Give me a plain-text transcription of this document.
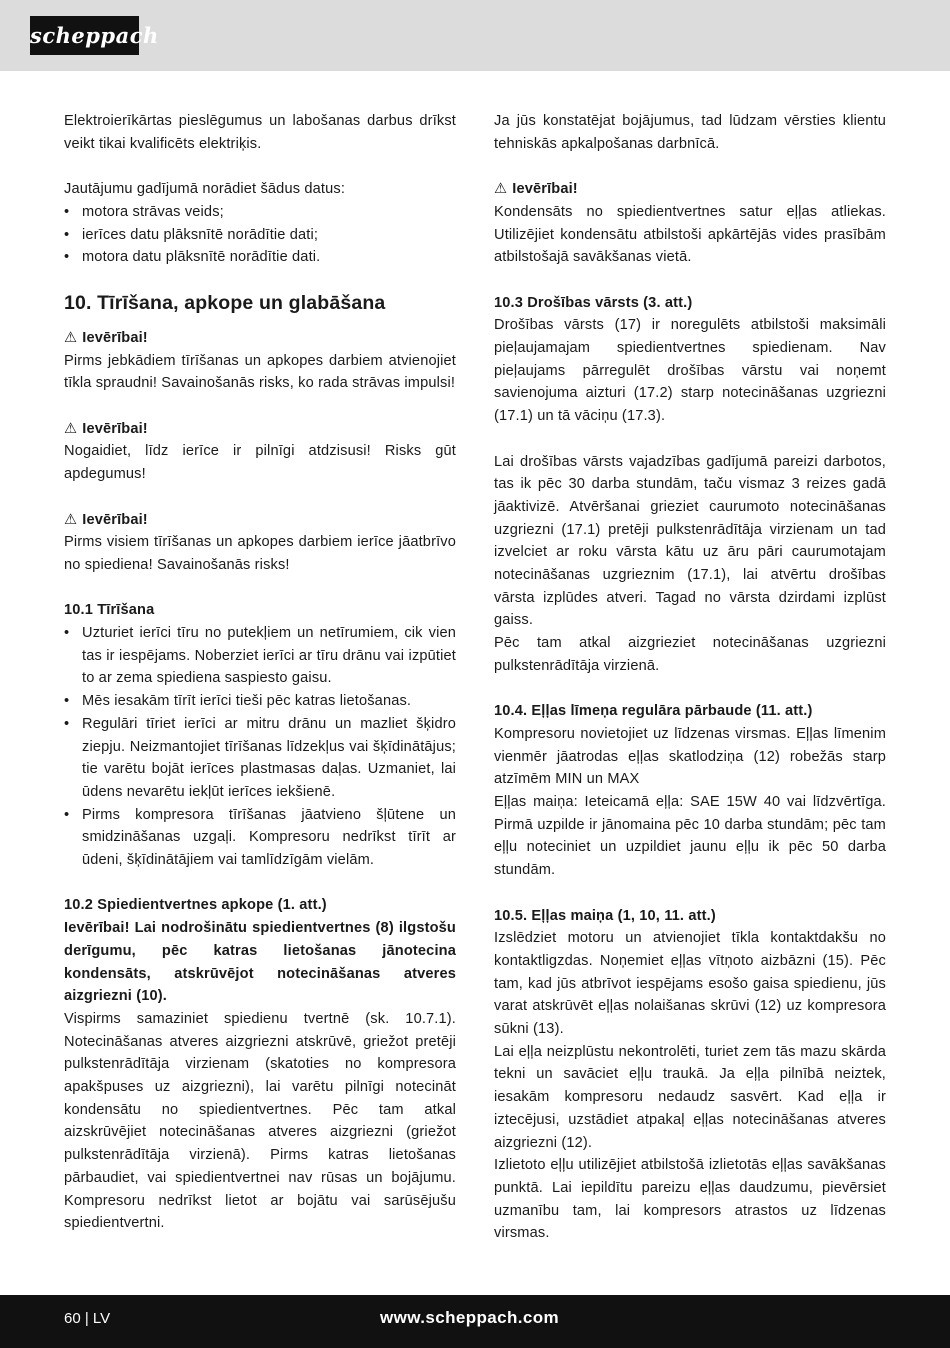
scheppach

Elektroierīkārtas pieslēgumus un labošanas darbus drīkst veikt tikai kvalificēts elektriķis.

Jautājumu gadījumā norādiet šādus datus:

• motora strāvas veids;
• ierīces datu plāksnītē norādītie dati;
• motora datu plāksnītē norādītie dati.
10. Tīrīšana, apkope un glabāšana

⚠ Ievērībai!

Pirms jebkādiem tīrīšanas un apkopes darbiem atvienojiet tīkla spraudni! Savainošanās risks, ko rada strāvas impulsi!

⚠ Ievērībai!

Nogaidiet, līdz ierīce ir pilnīgi atdzisusi! Risks gūt apdegumus!

⚠ Ievērībai!

Pirms visiem tīrīšanas un apkopes darbiem ierīce jāatbrīvo no spiediena! Savainošanās risks!

10.1 Tīrīšana

• Uzturiet ierīci tīru no putekļiem un netīrumiem, cik vien tas ir iespējams. Noberziet ierīci ar tīru drānu vai izpūtiet to ar zema spiediena saspiesto gaisu.
• Mēs iesakām tīrīt ierīci tieši pēc katras lietošanas.
• Regulāri tīriet ierīci ar mitru drānu un mazliet šķidro ziepju. Neizmantojiet tīrīšanas līdzekļus vai šķīdinātājus; tie varētu bojāt ierīces plastmasas daļas. Uzmaniet, lai ūdens nevarētu iekļūt ierīces iekšienē.
• Pirms kompresora tīrīšanas jāatvieno šļūtene un smidzināšanas uzgaļi. Kompresoru nedrīkst tīrīt ar ūdeni, šķīdinātājiem vai tamlīdzīgām vielām.

10.2 Spiedientvertnes apkope (1. att.)

Ievērībai! Lai nodrošinātu spiedientvertnes (8) ilgstošu derīgumu, pēc katras lietošanas jānotecina kondensāts, atskrūvējot notecināšanas atveres aizgriezni (10).

Vispirms samaziniet spiedienu tvertnē (sk. 10.7.1). Notecināšanas atveres aizgriezni atskrūvē, griežot pretēji pulkstenrādītāja virzienam (skatoties no kompresora apakšpuses uz aizgriezni), lai varētu pilnīgi notecināt kondensātu no spiedientvertnes. Pēc tam atkal aizskrūvējiet notecināšanas atveres aizgriezni (griežot pulkstenrādītāja virzienā). Pirms katras lietošanas pārbaudiet, vai spiedientvertnei nav rūsas un bojājumu. Kompresoru nedrīkst lietot ar bojātu vai sarūsējušu spiedientvertni.

Ja jūs konstatējat bojājumus, tad lūdzam vērsties klientu tehniskās apkalpošanas darbnīcā.

⚠ Ievērībai!

Kondensāts no spiedientvertnes satur eļļas atliekas. Utilizējiet kondensātu atbilstoši apkārtējās vides prasībām atbilstošajā savākšanas vietā.

10.3 Drošības vārsts (3. att.)

Drošības vārsts (17) ir noregulēts atbilstoši maksimāli pieļaujamajam spiedientvertnes spiedienam. Nav pieļaujams pārregulēt drošības vārstu vai noņemt savienojuma aizturi (17.2) starp notecināšanas uzgriezni (17.1) un tā vāciņu (17.3).

Lai drošības vārsts vajadzības gadījumā pareizi darbotos, tas ik pēc 30 darba stundām, taču vismaz 3 reizes gadā jāaktivizē. Atvēršanai grieziet caurumoto notecināšanas uzgriezni (17.1) pretēji pulkstenrādītāja virzienam un tad izvelciet ar roku vārsta kātu uz āru pāri caurumotajam notecināšanas uzgrieznim (17.1), lai atvērtu drošības vārsta izplūdes atveri. Tagad no vārsta dzirdami izplūst gaiss.

Pēc tam atkal aizgrieziet notecināšanas uzgriezni pulkstenrādītāja virzienā.

10.4. Eļļas līmeņa regulāra pārbaude (11. att.)

Kompresoru novietojiet uz līdzenas virsmas. Eļļas līmenim vienmēr jāatrodas eļļas skatlodziņa (12) robežās starp atzīmēm MIN un MAX

Eļļas maiņa: Ieteicamā eļļa: SAE 15W 40 vai līdzvērtīga. Pirmā uzpilde ir jānomaina pēc 10 darba stundām; pēc tam eļļu noteciniet un uzpildiet jaunu eļļu ik pēc 50 darba stundām.

10.5. Eļļas maiņa (1, 10, 11. att.)

Izslēdziet motoru un atvienojiet tīkla kontaktdakšu no kontaktligzdas. Noņemiet eļļas vītņoto aizbāzni (15). Pēc tam, kad jūs atbrīvot iespējams esošo gaisa spiedienu, jūs varat atskrūvēt eļļas nolaišanas skrūvi (12) uz kompresora sūkni (13).

Lai eļļa neizplūstu nekontrolēti, turiet zem tās mazu skārda tekni un savāciet eļļu traukā. Ja eļļa pilnībā neiztek, iesakām kompresoru nedaudz sasvērt. Kad eļļa ir iztecējusi, uzstādiet atpakaļ eļļas notecināšanas atveres aizgriezni (12).

Izlietoto eļļu utilizējiet atbilstošā izlietotās eļļas savākšanas punktā. Lai iepildītu pareizu eļļas daudzumu, pievērsiet uzmanību tam, lai kompresors atrastos uz līdzenas virsmas.

60 | LV	www.scheppach.com
